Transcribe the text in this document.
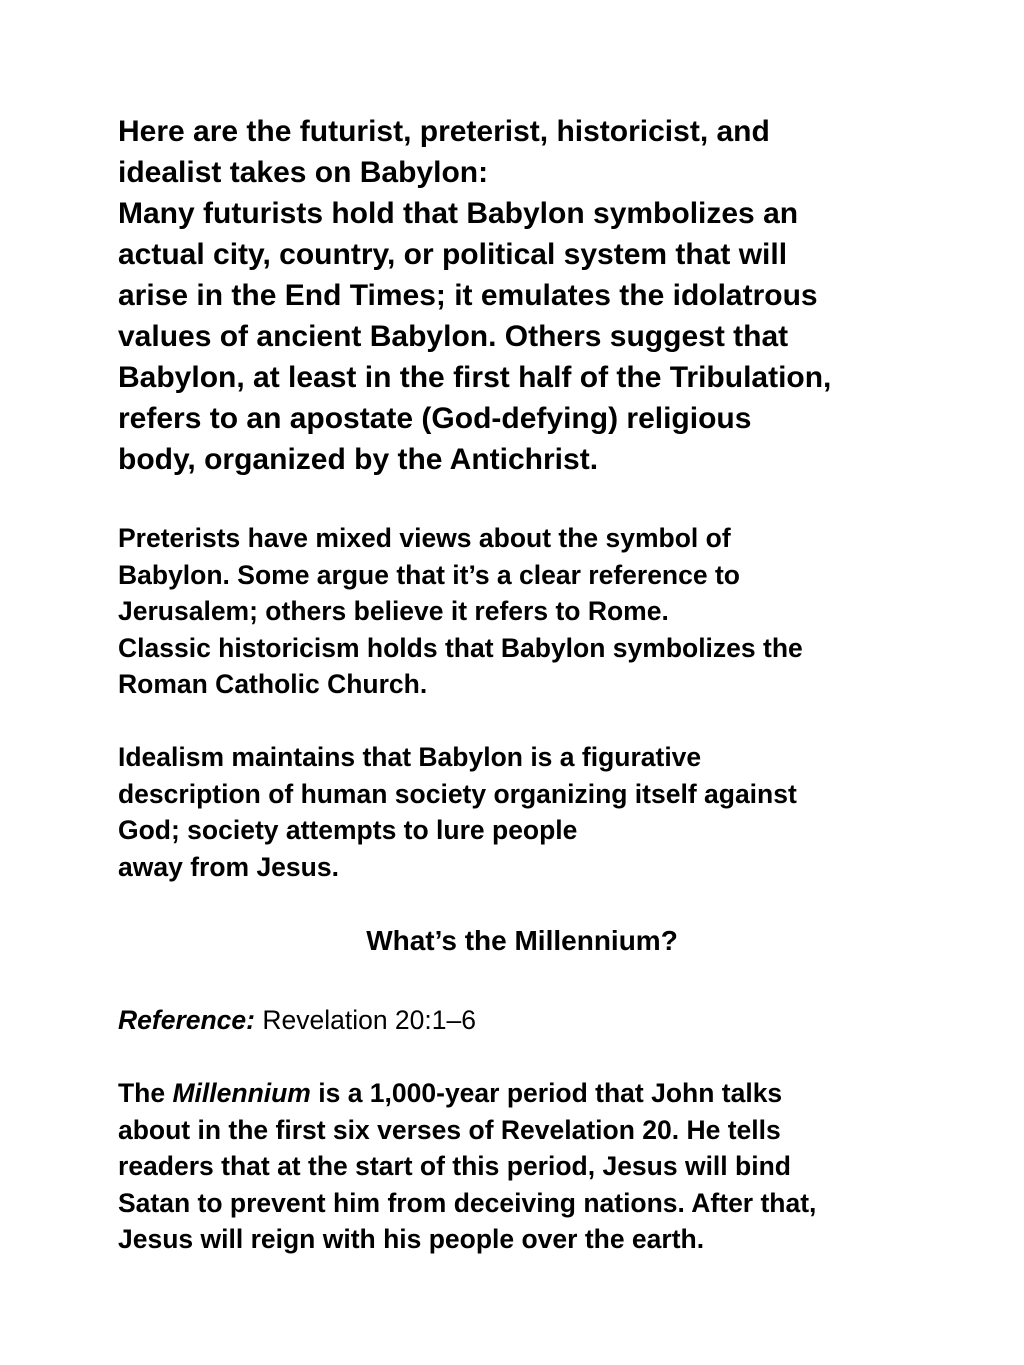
Here are the futurist, preterist, historicist, and
idealist takes on Babylon:
Many futurists hold that Babylon symbolizes an
actual city, country, or political system that will
arise in the End Times; it emulates the idolatrous
values of ancient Babylon. Others suggest that
Babylon, at least in the first half of the Tribulation,
refers to an apostate (God-defying) religious
body, organized by the Antichrist.
Preterists have mixed views about the symbol of
Babylon. Some argue that it’s a clear reference to
Jerusalem; others believe it refers to Rome.
Classic historicism holds that Babylon symbolizes the
Roman Catholic Church.
Idealism maintains that Babylon is a figurative
description of human society organizing itself against
God; society attempts to lure people
away from Jesus.
What’s the Millennium?
Reference: Revelation 20:1–6
The Millennium is a 1,000-year period that John talks
about in the first six verses of Revelation 20. He tells
readers that at the start of this period, Jesus will bind
Satan to prevent him from deceiving nations. After that,
Jesus will reign with his people over the earth.
